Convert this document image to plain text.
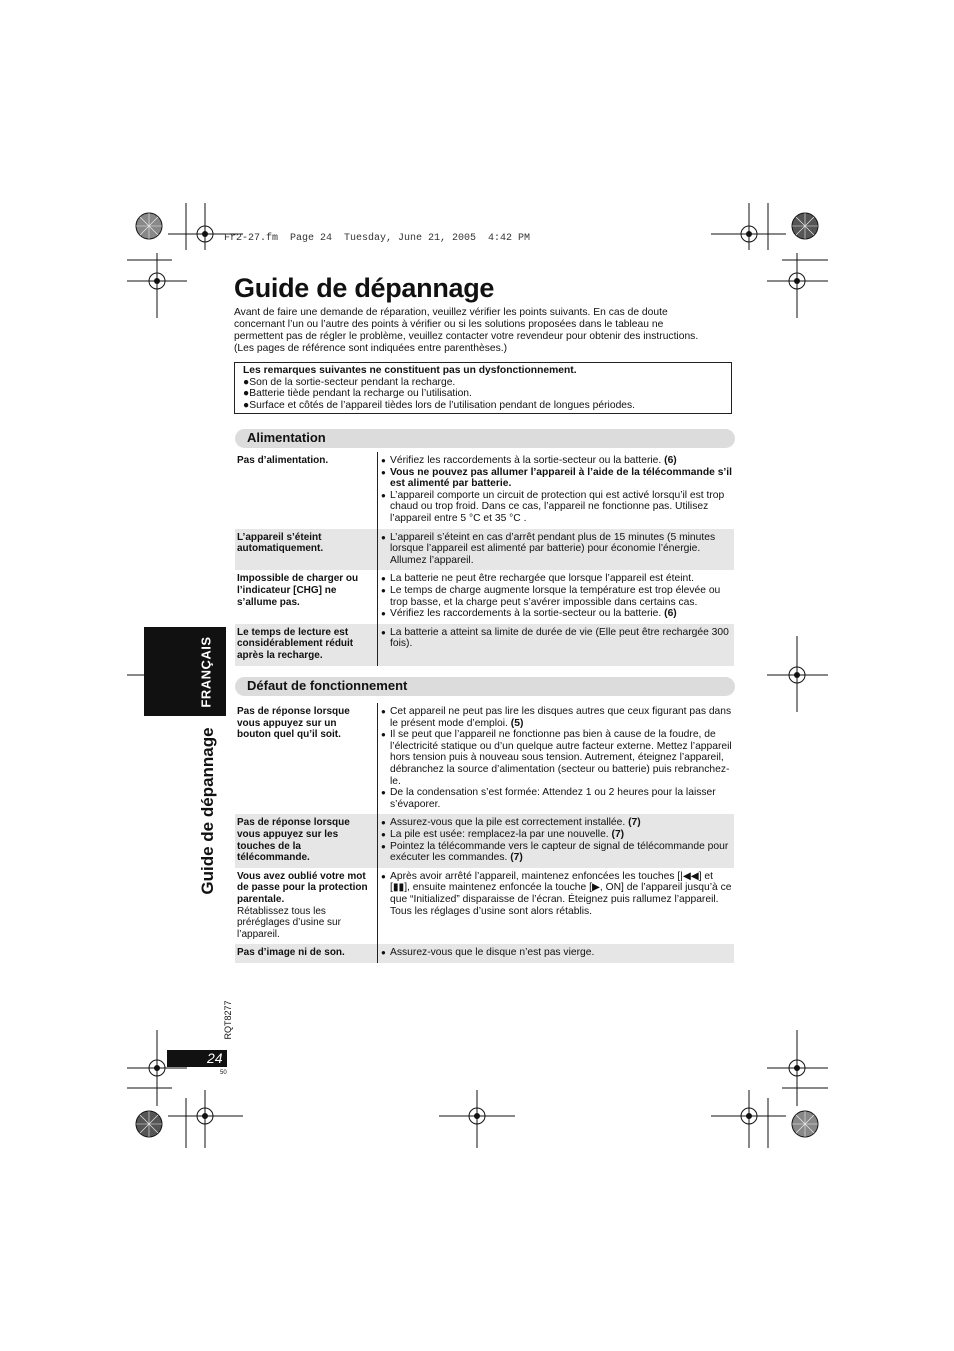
Fr2-27.fm  Page 24  Tuesday, June 21, 2005  4:42 PM
Guide de dépannage

Avant de faire une demande de réparation, veuillez vérifier les points suivants. En cas de doute

concernant l’un ou l’autre des points à vérifier ou si les solutions proposées dans le tableau ne

permettent pas de régler le problème, veuillez contacter votre revendeur pour obtenir des instructions.

(Les pages de référence sont indiquées entre parenthèses.)

Les remarques suivantes ne constituent pas un dysfonctionnement.
●Son de la sortie-secteur pendant la recharge.
●Batterie tiède pendant la recharge ou l’utilisation.
●Surface et côtés de l’appareil tièdes lors de l’utilisation pendant de longues périodes.
Alimentation
Pas d’alimentation.	● Vérifiez les raccordements à la sortie-secteur ou la batterie. (6)
● Vous ne pouvez pas allumer l’appareil à l’aide de la télécommande s’il est alimenté par batterie.
● L’appareil comporte un circuit de protection qui est activé lorsqu’il est trop chaud ou trop froid. Dans ce cas, l’appareil ne fonctionne pas. Utilisez l’appareil entre 5 °C et 35 °C .
L’appareil s’éteint automatiquement.
● L’appareil s’éteint en cas d’arrêt pendant plus de 15 minutes (5 minutes lorsque l’appareil est alimenté par batterie) pour économie l’énergie. Allumez l’appareil.
Impossible de charger ou l’indicateur [CHG] ne s’allume pas.
● La batterie ne peut être rechargée que lorsque l’appareil est éteint.
● Le temps de charge augmente lorsque la température est trop élevée ou trop basse, et la charge peut s’avérer impossible dans certains cas.
● Vérifiez les raccordements à la sortie-secteur ou la batterie. (6)
Le temps de lecture est considérablement réduit après la recharge.
● La batterie a atteint sa limite de durée de vie (Elle peut être rechargée 300 fois).
Défaut de fonctionnement
Pas de réponse lorsque vous appuyez sur un bouton quel qu’il soit.
● Cet appareil ne peut pas lire les disques autres que ceux figurant pas dans le présent mode d’emploi. (5)
● Il se peut que l’appareil ne fonctionne pas bien à cause de la foudre, de l’électricité statique ou d’un quelque autre facteur externe. Mettez l’appareil hors tension puis à nouveau sous tension. Autrement, éteignez l’appareil, débranchez la source d’alimentation (secteur ou batterie) puis rebranchez-le.
● De la condensation s’est formée: Attendez 1 ou 2 heures pour la laisser s’évaporer.
Pas de réponse lorsque vous appuyez sur les touches de la télécommande.
● Assurez-vous que la pile est correctement installée. (7)
● La pile est usée: remplacez-la par une nouvelle. (7)
● Pointez la télécommande vers le capteur de signal de télécommande pour exécuter les commandes. (7)
Vous avez oublié votre mot de passe pour la protection parentale.
Rétablissez tous les préréglages d’usine sur l’appareil.
● Après avoir arrêté l’appareil, maintenez enfoncées les touches [|◀◀] et [▮▮], ensuite maintenez enfoncée la touche [▶, ON] de l’appareil jusqu’à ce que “Initialized” disparaisse de l’écran. Éteignez puis rallumez l’appareil. Tous les réglages d’usine sont alors rétablis.
Pas d’image ni de son.	● Assurez-vous que le disque n’est pas vierge.
FRANÇAIS
Guide de dépannage
RQT8277
24
50
